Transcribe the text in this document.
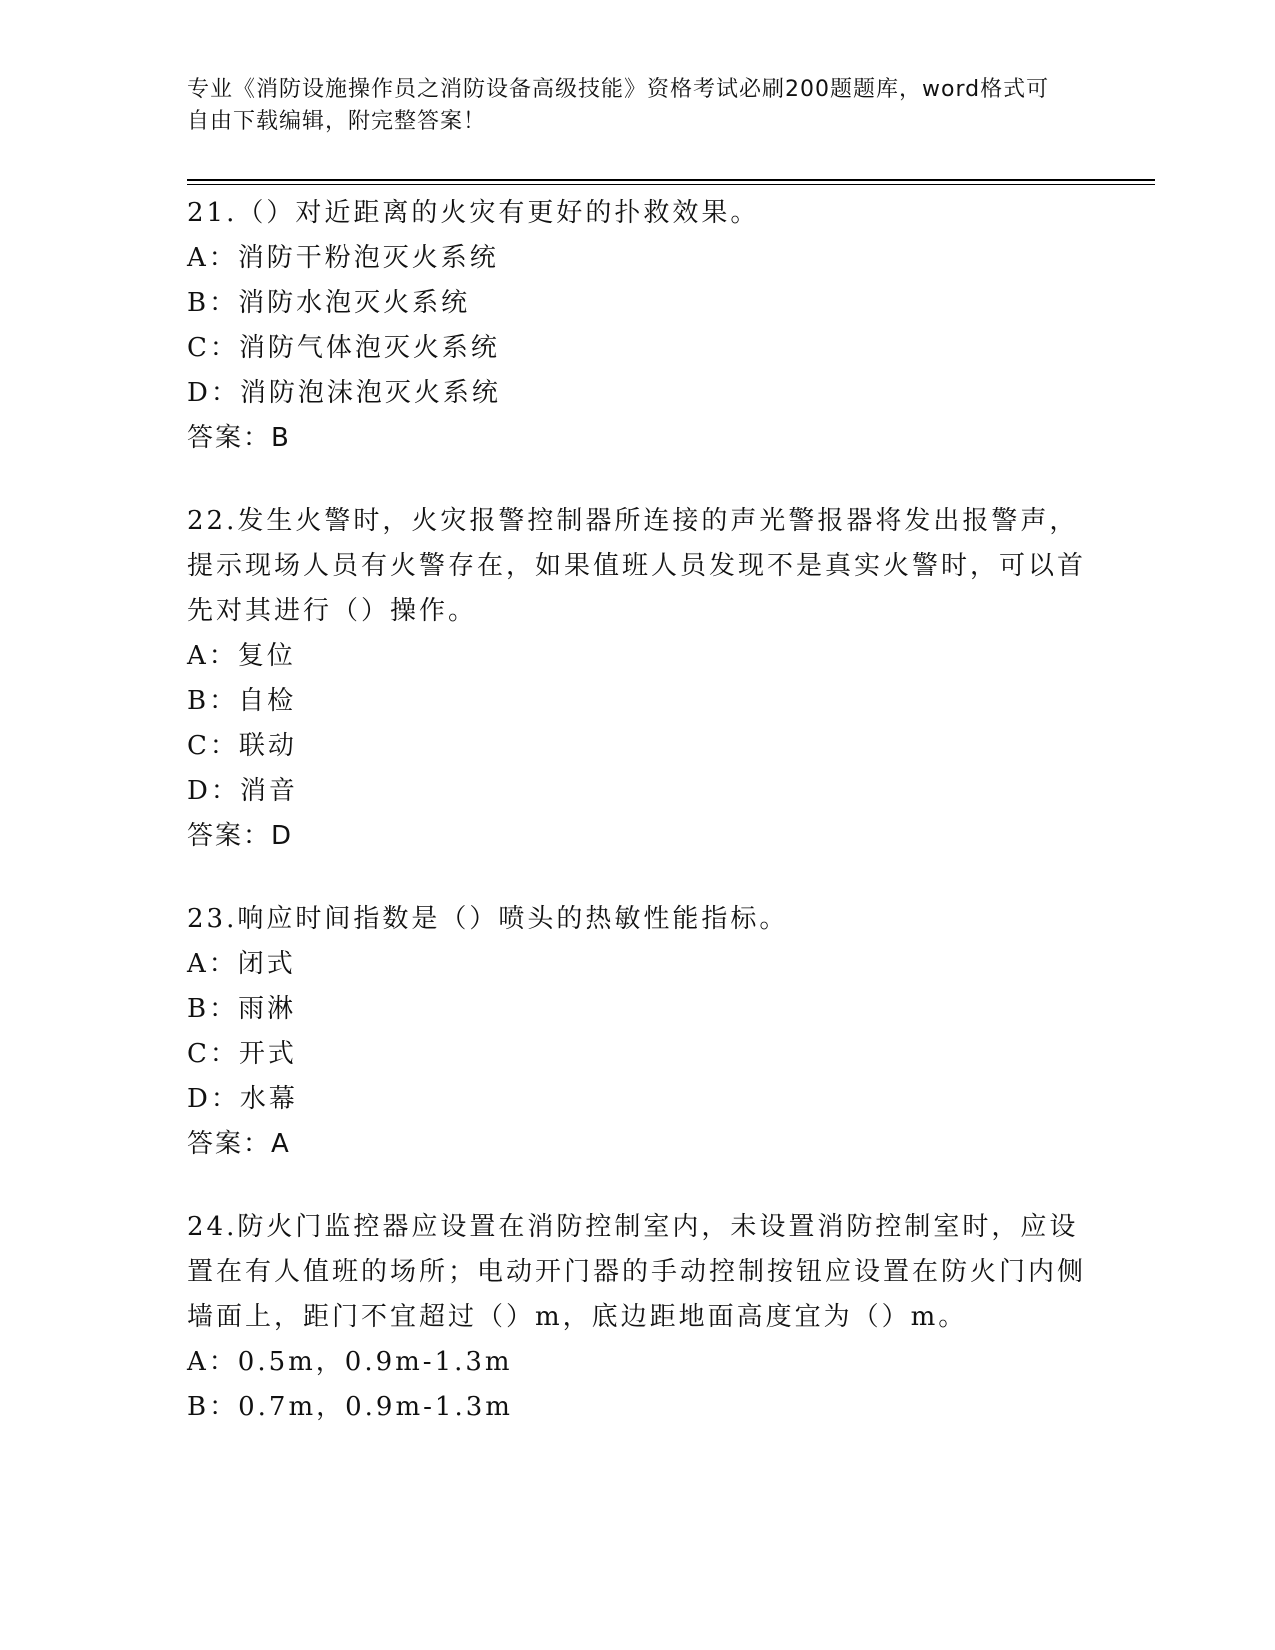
专业《消防设施操作员之消防设备高级技能》资格考试必刷200题题库，word格式可自由下载编辑，附完整答案！
21.（）对近距离的火灾有更好的扑救效果。
A：消防干粉泡灭火系统
B：消防水泡灭火系统
C：消防气体泡灭火系统
D：消防泡沫泡灭火系统
答案：B
22.发生火警时，火灾报警控制器所连接的声光警报器将发出报警声，提示现场人员有火警存在，如果值班人员发现不是真实火警时，可以首先对其进行（）操作。
A：复位
B：自检
C：联动
D：消音
答案：D
23.响应时间指数是（）喷头的热敏性能指标。
A：闭式
B：雨淋
C：开式
D：水幕
答案：A
24.防火门监控器应设置在消防控制室内，未设置消防控制室时，应设置在有人值班的场所；电动开门器的手动控制按钮应设置在防火门内侧墙面上，距门不宜超过（）m，底边距地面高度宜为（）m。
A：0.5m，0.9m-1.3m
B：0.7m，0.9m-1.3m
